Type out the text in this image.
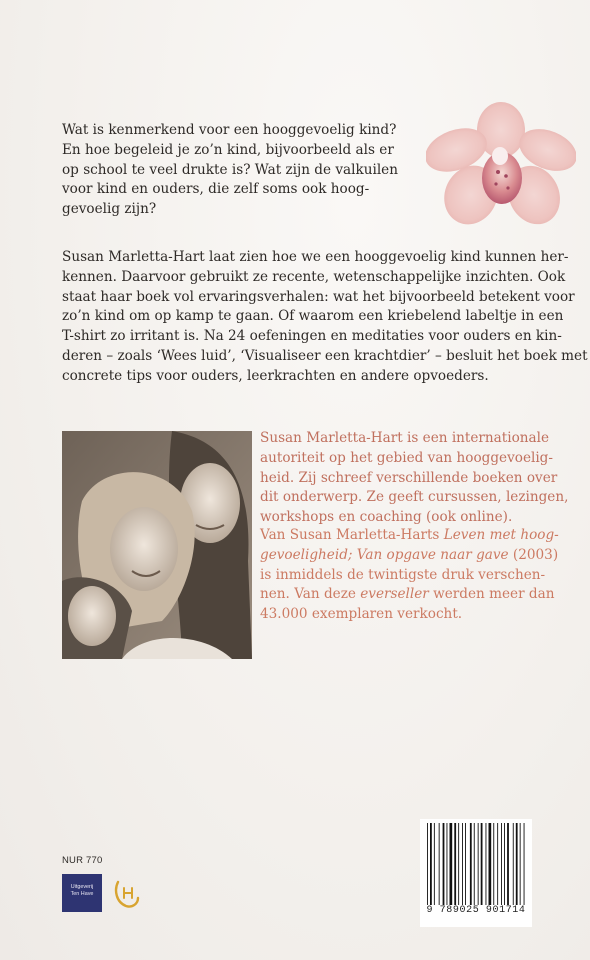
Wat is kenmerkend voor een hooggevoelig kind?
En hoe begeleid je zo’n kind, bijvoorbeeld als er
op school te veel drukte is? Wat zijn de valkuilen
voor kind en ouders, die zelf soms ook hoog-
gevoelig zijn?

Susan Marletta-Hart laat zien hoe we een hooggevoelig kind kunnen her-
kennen. Daarvoor gebruikt ze recente, wetenschappelijke inzichten. Ook
staat haar boek vol ervaringsverhalen: wat het bijvoorbeeld betekent voor
zo’n kind om op kamp te gaan. Of waarom een kriebelend labeltje in een
T-shirt zo irritant is. Na 24 oefeningen en meditaties voor ouders en kin-
deren – zoals ‘Wees luid’, ‘Visualiseer een krachtdier’ – besluit het boek met
concrete tips voor ouders, leerkrachten en andere opvoeders.

Susan Marletta-Hart is een internationale
autoriteit op het gebied van hooggevoelig-
heid. Zij schreef verschillende boeken over
dit onderwerp. Ze geeft cursussen, lezingen,
workshops en coaching (ook online).

Van Susan Marletta-Harts Leven met hoog-
gevoeligheid; Van opgave naar gave (2003)
is inmiddels de twintigste druk verschen-
nen. Van deze everseller werden meer dan
43.000 exemplaren verkocht.

NUR 770
Uitgeverij
Ten Have
9 789025 901714
